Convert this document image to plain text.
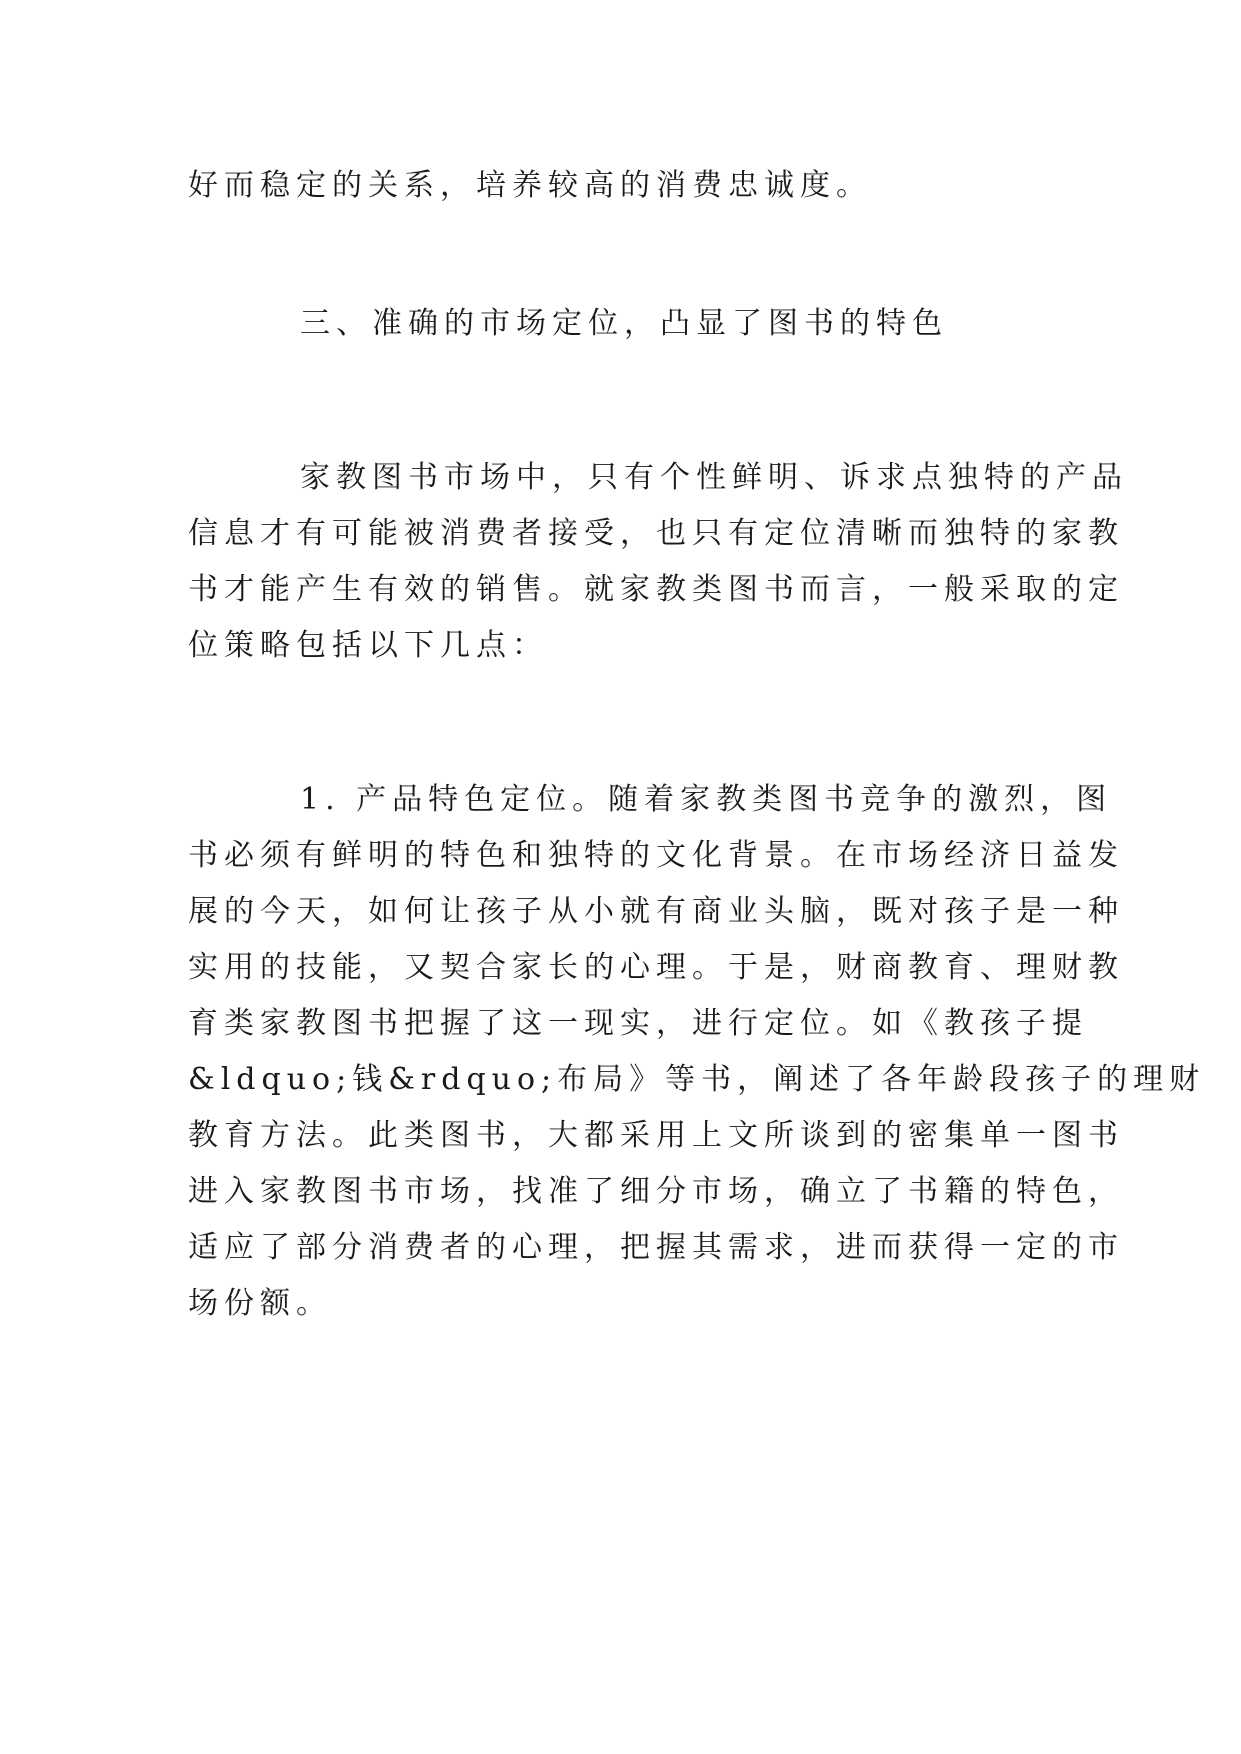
好而稳定的关系，培养较高的消费忠诚度。
三、准确的市场定位，凸显了图书的特色
家教图书市场中，只有个性鲜明、诉求点独特的产品
信息才有可能被消费者接受，也只有定位清晰而独特的家教
书才能产生有效的销售。就家教类图书而言，一般采取的定
位策略包括以下几点：
1. 产品特色定位。随着家教类图书竞争的激烈，图
书必须有鲜明的特色和独特的文化背景。在市场经济日益发
展的今天，如何让孩子从小就有商业头脑，既对孩子是一种
实用的技能，又契合家长的心理。于是，财商教育、理财教
育类家教图书把握了这一现实，进行定位。如《教孩子提
&ldquo;钱&rdquo;布局》等书，阐述了各年龄段孩子的理财
教育方法。此类图书，大都采用上文所谈到的密集单一图书
进入家教图书市场，找准了细分市场，确立了书籍的特色，
适应了部分消费者的心理，把握其需求，进而获得一定的市
场份额。
